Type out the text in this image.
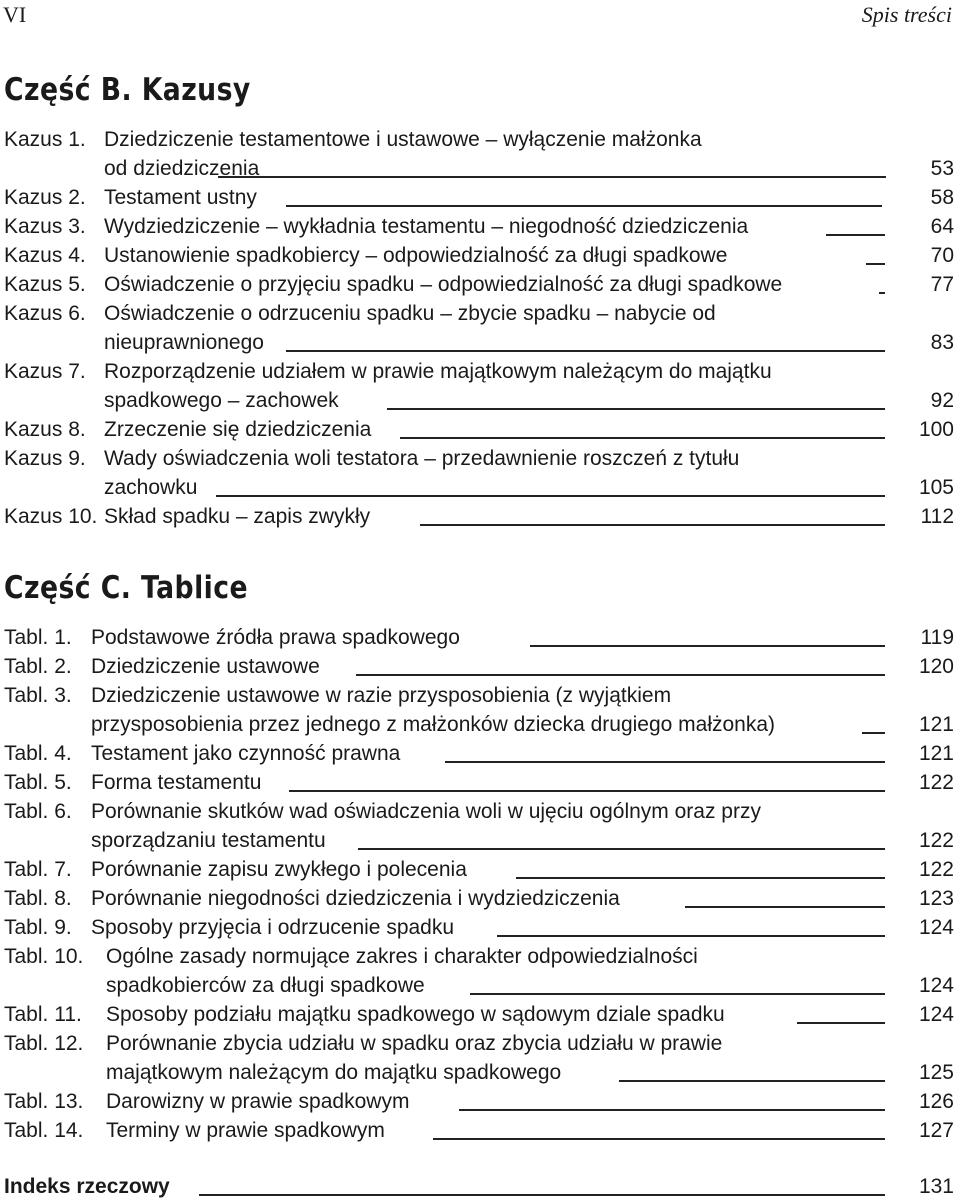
VI	Spis treści
Część B. Kazusy
Kazus 1. Dziedziczenie testamentowe i ustawowe – wyłączenie małżonka
od dziedziczenia	53
Kazus 2. Testament ustny	58
Kazus 3. Wydziedziczenie – wykładnia testamentu – niegodność dziedziczenia	64
Kazus 4. Ustanowienie spadkobiercy – odpowiedzialność za długi spadkowe	70
Kazus 5. Oświadczenie o przyjęciu spadku – odpowiedzialność za długi spadkowe	77
Kazus 6. Oświadczenie o odrzuceniu spadku – zbycie spadku – nabycie od
nieuprawnionego	83
Kazus 7. Rozporządzenie udziałem w prawie majątkowym należącym do majątku
spadkowego – zachowek	92
Kazus 8. Zrzeczenie się dziedziczenia	100
Kazus 9. Wady oświadczenia woli testatora – przedawnienie roszczeń z tytułu
zachowku	105
Kazus 10. Skład spadku – zapis zwykły	112
Część C. Tablice
Tabl. 1. Podstawowe źródła prawa spadkowego	119
Tabl. 2. Dziedziczenie ustawowe	120
Tabl. 3. Dziedziczenie ustawowe w razie przysposobienia (z wyjątkiem
przysposobienia przez jednego z małżonków dziecka drugiego małżonka)	121
Tabl. 4. Testament jako czynność prawna	121
Tabl. 5. Forma testamentu	122
Tabl. 6. Porównanie skutków wad oświadczenia woli w ujęciu ogólnym oraz przy
sporządzaniu testamentu	122
Tabl. 7. Porównanie zapisu zwykłego i polecenia	122
Tabl. 8. Porównanie niegodności dziedziczenia i wydziedziczenia	123
Tabl. 9. Sposoby przyjęcia i odrzucenie spadku	124
Tabl. 10. Ogólne zasady normujące zakres i charakter odpowiedzialności
spadkobierców za długi spadkowe	124
Tabl. 11. Sposoby podziału majątku spadkowego w sądowym dziale spadku	124
Tabl. 12. Porównanie zbycia udziału w spadku oraz zbycia udziału w prawie
majątkowym należącym do majątku spadkowego	125
Tabl. 13. Darowizny w prawie spadkowym	126
Tabl. 14. Terminy w prawie spadkowym	127
Indeks rzeczowy	131
